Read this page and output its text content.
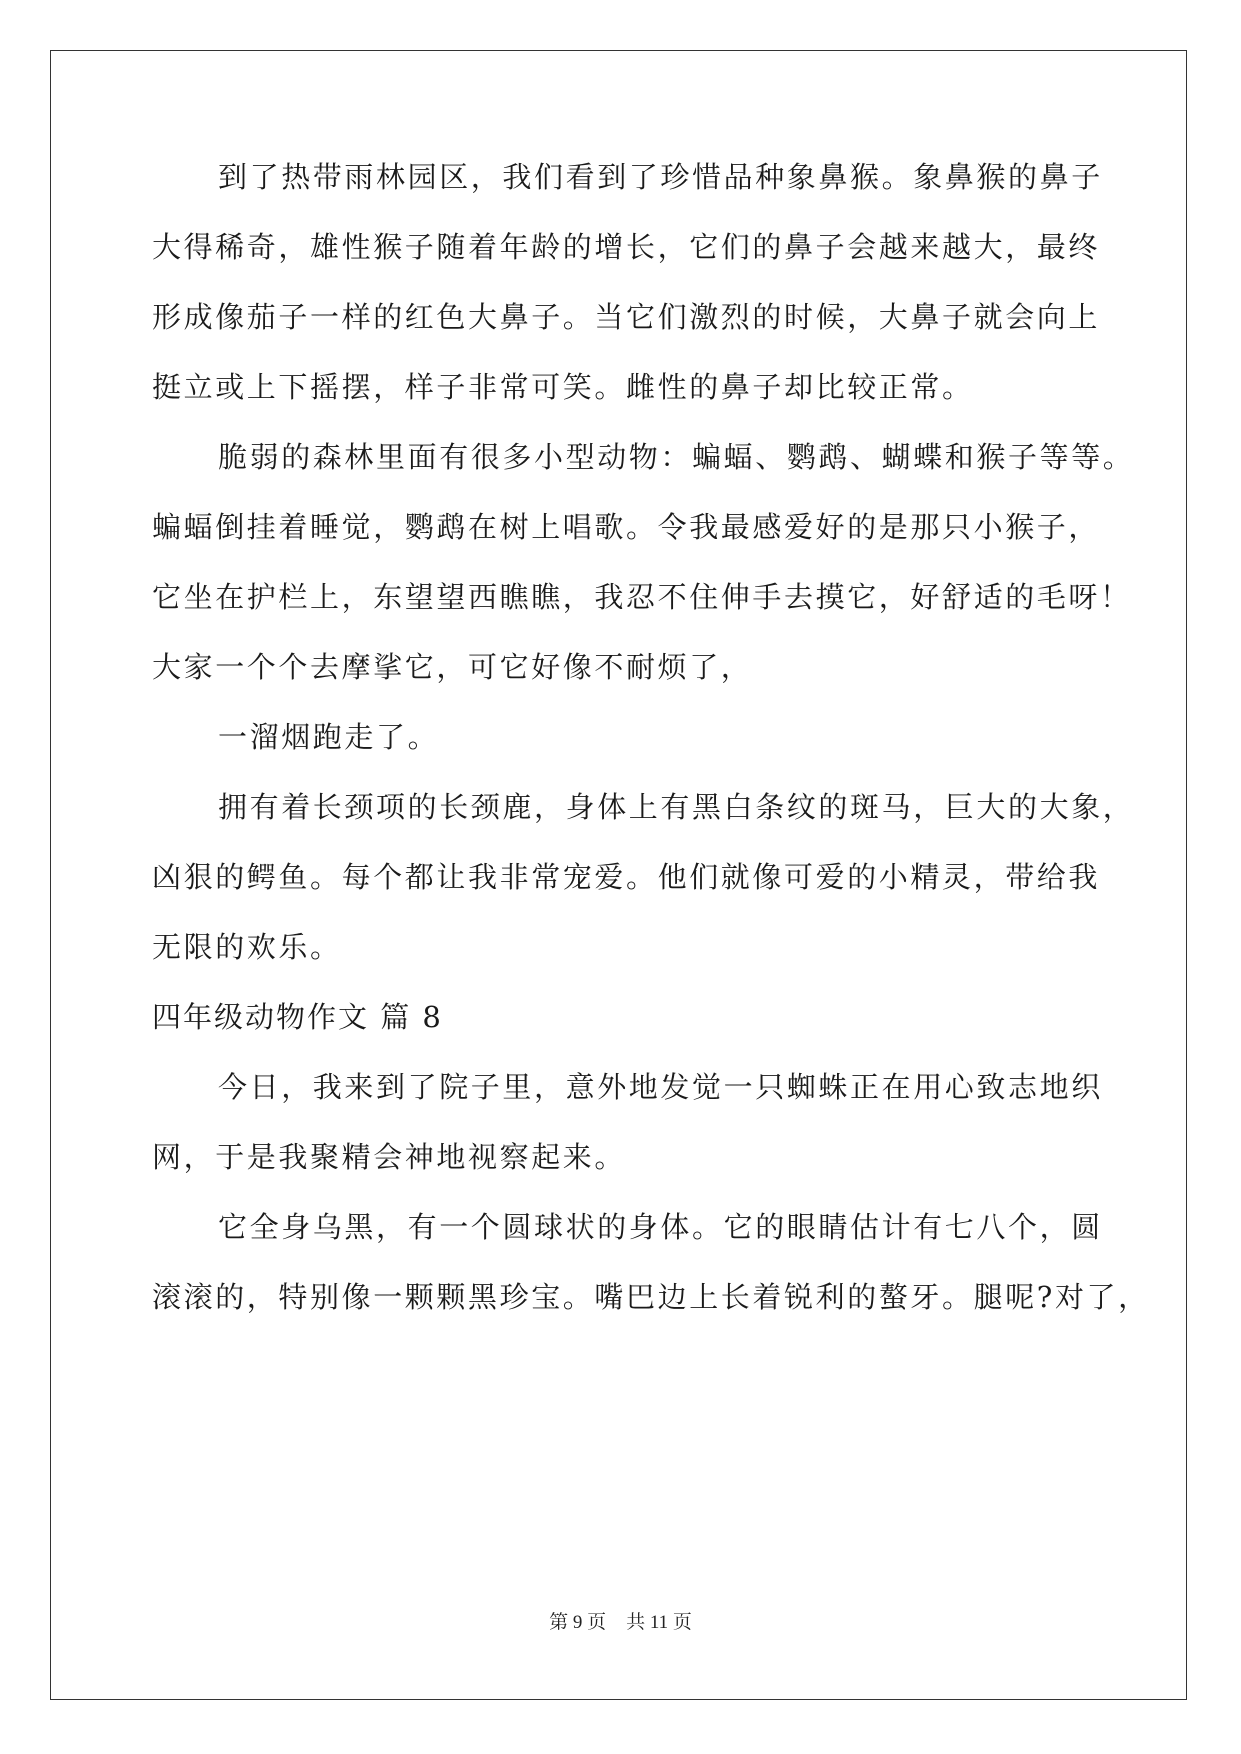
到了热带雨林园区，我们看到了珍惜品种象鼻猴。象鼻猴的鼻子
大得稀奇，雄性猴子随着年龄的增长，它们的鼻子会越来越大，最终
形成像茄子一样的红色大鼻子。当它们激烈的时候，大鼻子就会向上
挺立或上下摇摆，样子非常可笑。雌性的鼻子却比较正常。
脆弱的森林里面有很多小型动物：蝙蝠、鹦鹉、蝴蝶和猴子等等。
蝙蝠倒挂着睡觉，鹦鹉在树上唱歌。令我最感爱好的是那只小猴子，
它坐在护栏上，东望望西瞧瞧，我忍不住伸手去摸它，好舒适的毛呀！
大家一个个去摩挲它，可它好像不耐烦了，
一溜烟跑走了。
拥有着长颈项的长颈鹿，身体上有黑白条纹的斑马，巨大的大象，
凶狠的鳄鱼。每个都让我非常宠爱。他们就像可爱的小精灵，带给我
无限的欢乐。
四年级动物作文 篇 8
今日，我来到了院子里，意外地发觉一只蜘蛛正在用心致志地织
网，于是我聚精会神地视察起来。
它全身乌黑，有一个圆球状的身体。它的眼睛估计有七八个，圆
滚滚的，特别像一颗颗黑珍宝。嘴巴边上长着锐利的螯牙。腿呢?对了，
第 9 页 共 11 页
